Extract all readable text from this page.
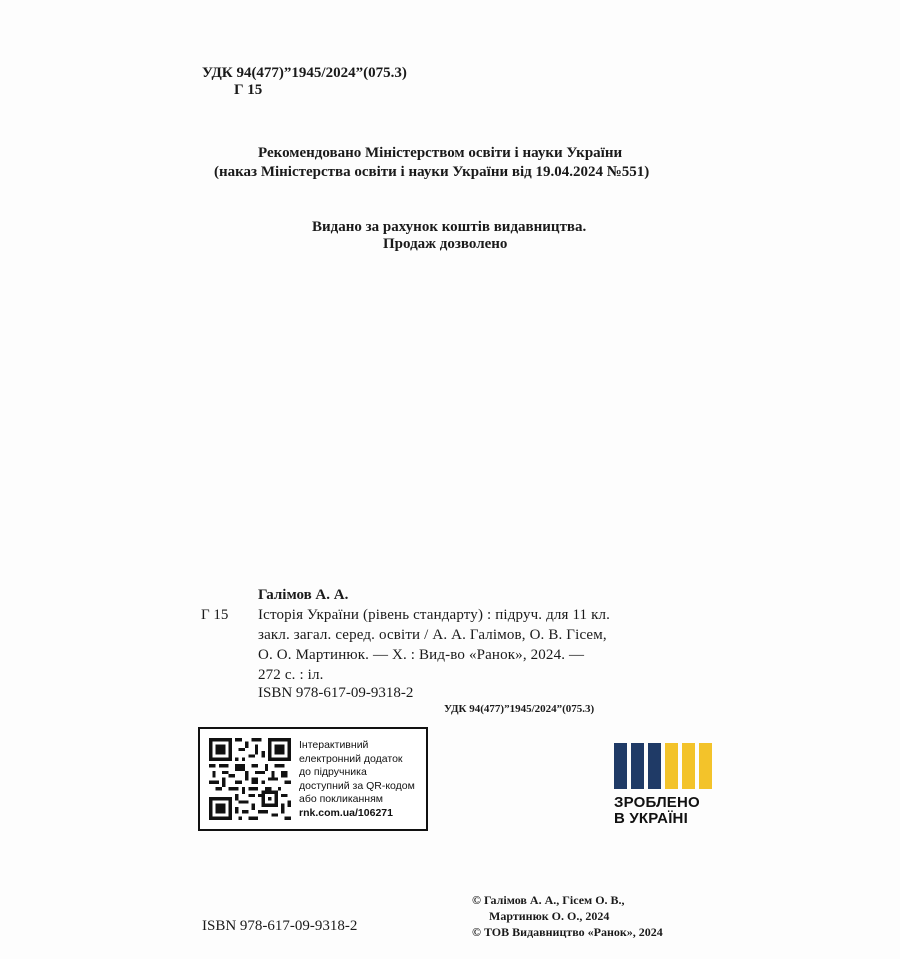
УДК 94(477)”1945/2024”(075.3)
Г 15
Рекомендовано Міністерством освіти і науки України
(наказ Міністерства освіти і науки України від 19.04.2024 №551)
Видано за рахунок коштів видавництва.
Продаж дозволено
Галімов А. А.
Г 15 Історія України (рівень стандарту) : підруч. для 11 кл.
закл. загал. серед. освіти / А. А. Галімов, О. В. Гісем,
О. О. Мартинюк. — Х. : Вид-во «Ранок», 2024. —
272 с. : іл.
ISBN 978-617-09-9318-2
УДК 94(477)”1945/2024”(075.3)
Інтерактивний
електронний додаток
до підручника
доступний за QR-кодом
або покликанням
rnk.com.ua/106271
ЗРОБЛЕНО
В УКРАЇНІ
ISBN 978-617-09-9318-2
© Галімов А. А., Гісем О. В.,
Мартинюк О. О., 2024
© ТОВ Видавництво «Ранок», 2024
